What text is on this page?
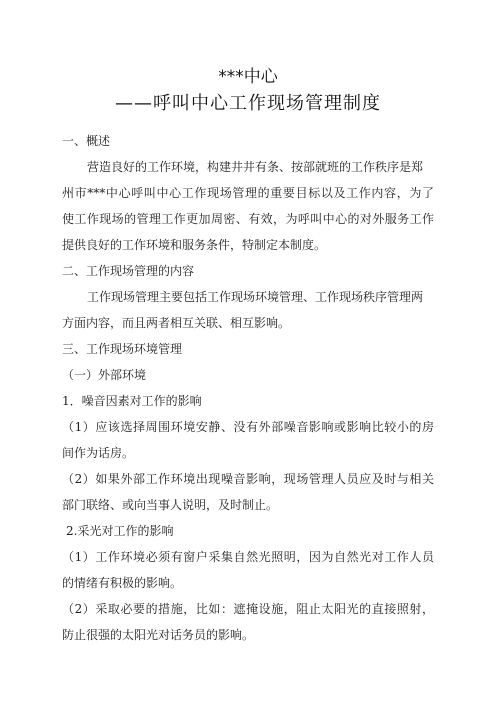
***中心
——呼叫中心工作现场管理制度
一、概述
营造良好的工作环境，构建井井有条、按部就班的工作秩序是郑
州市***中心呼叫中心工作现场管理的重要目标以及工作内容，为了
使工作现场的管理工作更加周密、有效，为呼叫中心的对外服务工作
提供良好的工作环境和服务条件，特制定本制度。
二、工作现场管理的内容
工作现场管理主要包括工作现场环境管理、工作现场秩序管理两
方面内容，而且两者相互关联、相互影响。
三、工作现场环境管理
（一）外部环境
1．噪音因素对工作的影响
（1）应该选择周围环境安静、没有外部噪音影响或影响比较小的房
间作为话房。
（2）如果外部工作环境出现噪音影响，现场管理人员应及时与相关
部门联络、或向当事人说明，及时制止。
2.采光对工作的影响
（1）工作环境必须有窗户采集自然光照明，因为自然光对工作人员
的情绪有积极的影响。
（2）采取必要的措施，比如：遮掩设施，阻止太阳光的直接照射，
防止很强的太阳光对话务员的影响。
